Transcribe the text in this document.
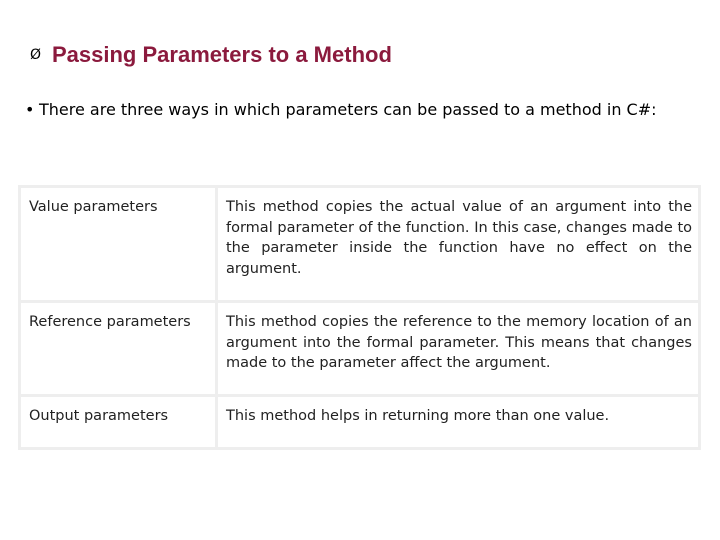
Ø Passing Parameters to a Method
• There are three ways in which parameters can be passed to a method in C#:
Value parameters	This method copies the actual value of an argument into the formal parameter of the function. In this case, changes made to the parameter inside the function have no effect on the argument.
Reference parameters	This method copies the reference to the memory location of an argument into the formal parameter. This means that changes made to the parameter affect the argument.
Output parameters	This method helps in returning more than one value.
